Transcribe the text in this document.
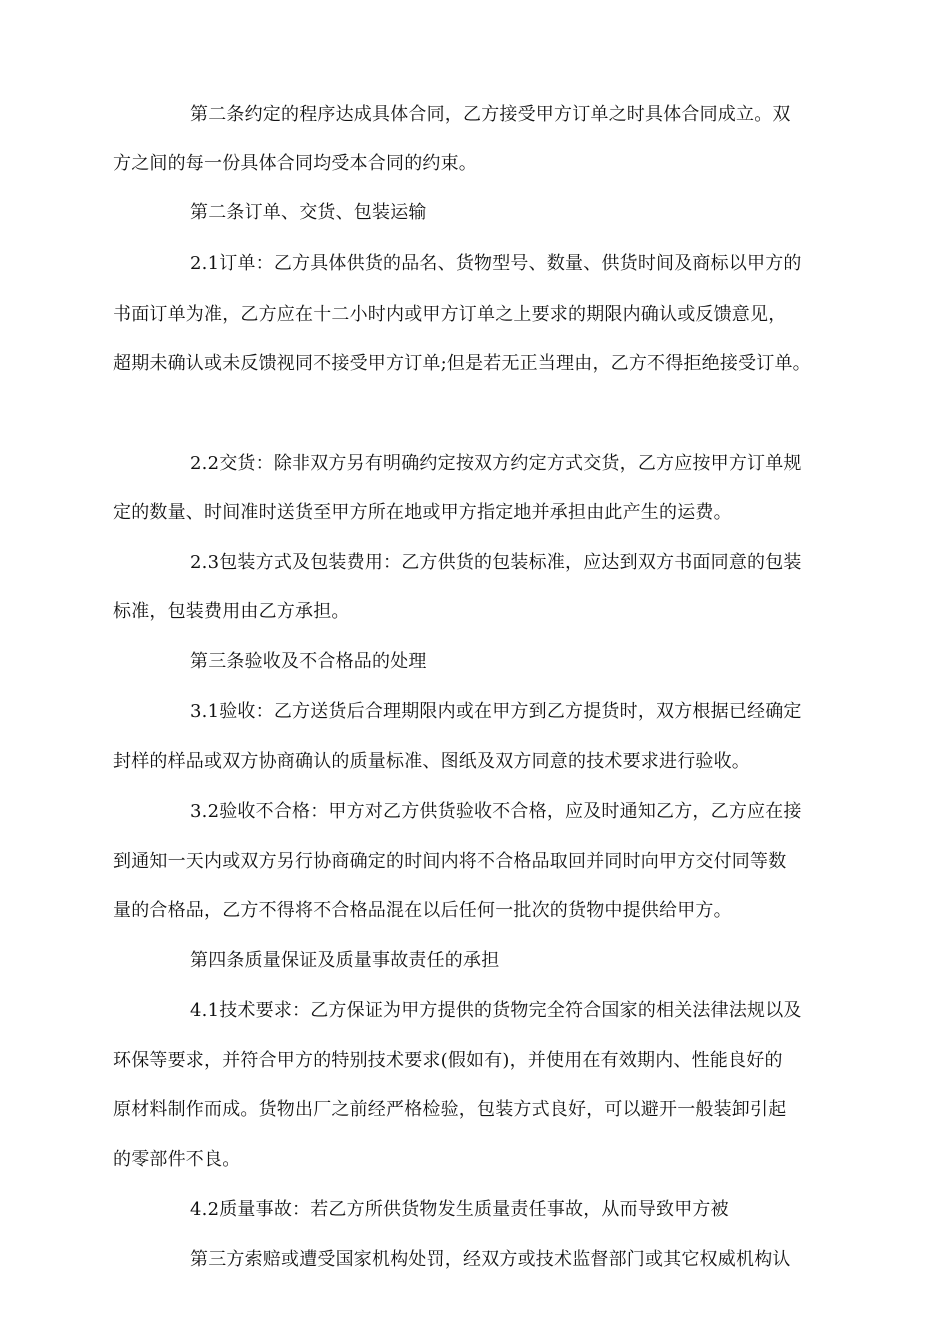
第二条约定的程序达成具体合同，乙方接受甲方订单之时具体合同成立。双
方之间的每一份具体合同均受本合同的约束。
第二条订单、交货、包装运输
2.1订单：乙方具体供货的品名、货物型号、数量、供货时间及商标以甲方的
书面订单为准，乙方应在十二小时内或甲方订单之上要求的期限内确认或反馈意见，
超期未确认或未反馈视同不接受甲方订单;但是若无正当理由，乙方不得拒绝接受订单。
2.2交货：除非双方另有明确约定按双方约定方式交货，乙方应按甲方订单规
定的数量、时间准时送货至甲方所在地或甲方指定地并承担由此产生的运费。
2.3包装方式及包装费用：乙方供货的包装标准，应达到双方书面同意的包装
标准，包装费用由乙方承担。
第三条验收及不合格品的处理
3.1验收：乙方送货后合理期限内或在甲方到乙方提货时，双方根据已经确定
封样的样品或双方协商确认的质量标准、图纸及双方同意的技术要求进行验收。
3.2验收不合格：甲方对乙方供货验收不合格，应及时通知乙方，乙方应在接
到通知一天内或双方另行协商确定的时间内将不合格品取回并同时向甲方交付同等数
量的合格品，乙方不得将不合格品混在以后任何一批次的货物中提供给甲方。
第四条质量保证及质量事故责任的承担
4.1技术要求：乙方保证为甲方提供的货物完全符合国家的相关法律法规以及
环保等要求，并符合甲方的特别技术要求(假如有)，并使用在有效期内、性能良好的
原材料制作而成。货物出厂之前经严格检验，包装方式良好，可以避开一般装卸引起
的零部件不良。
4.2质量事故：若乙方所供货物发生质量责任事故，从而导致甲方被
第三方索赔或遭受国家机构处罚，经双方或技术监督部门或其它权威机构认
